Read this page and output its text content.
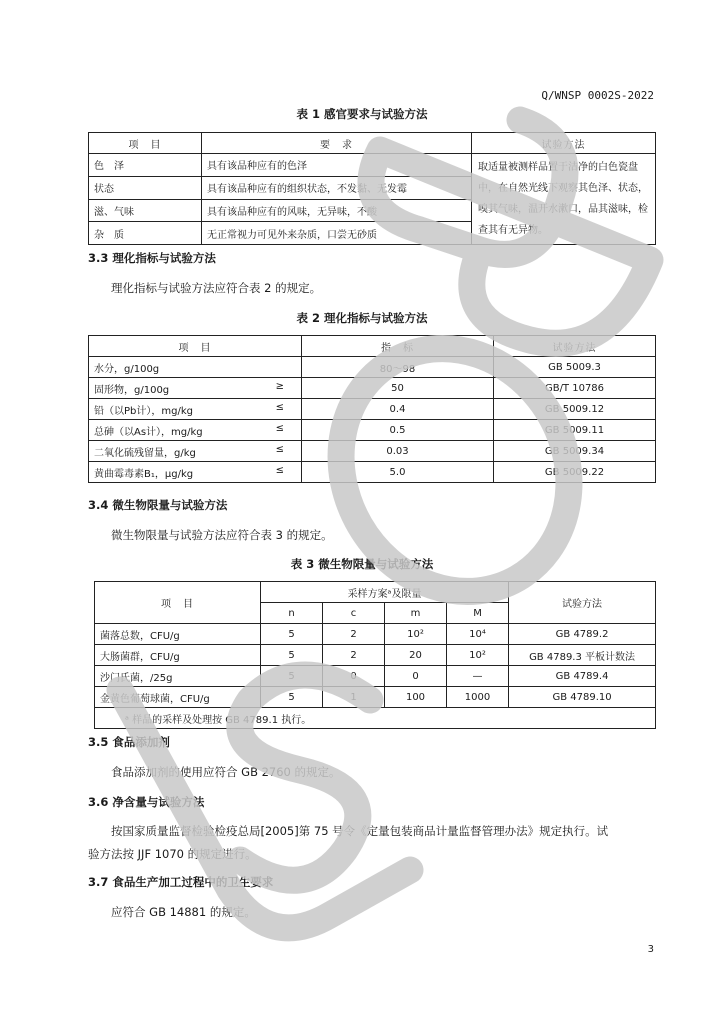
Q/WNSP 0002S-2022
表 1 感官要求与试验方法
项　目	要　求	试验方法
色　泽	具有该品种应有的色泽	取适量被测样品置于洁净的白色瓷盘中，在自然光线下观察其色泽、状态，嗅其气味，温开水漱口，品其滋味，检查其有无异物。
状态	具有该品种应有的组织状态，不发黏、无发霉	
滋、气味	具有该品种应有的风味，无异味，不酸	
杂　质	无正常视力可见外来杂质，口尝无砂质	
3.3 理化指标与试验方法
理化指标与试验方法应符合表 2 的规定。
表 2 理化指标与试验方法
项　目	指　标	试验方法
水分，g/100g	80～98	GB 5009.3
固形物，g/100g ≥	50	GB/T 10786
铅（以Pb计），mg/kg ≤	0.4	GB 5009.12
总砷（以As计），mg/kg ≤	0.5	GB 5009.11
二氧化硫残留量，g/kg ≤	0.03	GB 5009.34
黄曲霉毒素B₁，μg/kg ≤	5.0	GB 5009.22
3.4 微生物限量与试验方法
微生物限量与试验方法应符合表 3 的规定。
表 3 微生物限量与试验方法
项　目	采样方案ᵃ及限量				试验方法
	n	c	m	M	
菌落总数，CFU/g	5	2	10²	10⁴	GB 4789.2
大肠菌群，CFU/g	5	2	20	10²	GB 4789.3 平板计数法
沙门氏菌，/25g	5	0	0	—	GB 4789.4
金黄色葡萄球菌，CFU/g	5	1	100	1000	GB 4789.10
ᵃ 样品的采样及处理按 GB 4789.1 执行。					
3.5 食品添加剂
食品添加剂的使用应符合 GB 2760 的规定。
3.6 净含量与试验方法
按国家质量监督检验检疫总局[2005]第 75 号令《定量包装商品计量监督管理办法》规定执行。试
验方法按 JJF 1070 的规定进行。
3.7 食品生产加工过程中的卫生要求
应符合 GB 14881 的规定。
3
